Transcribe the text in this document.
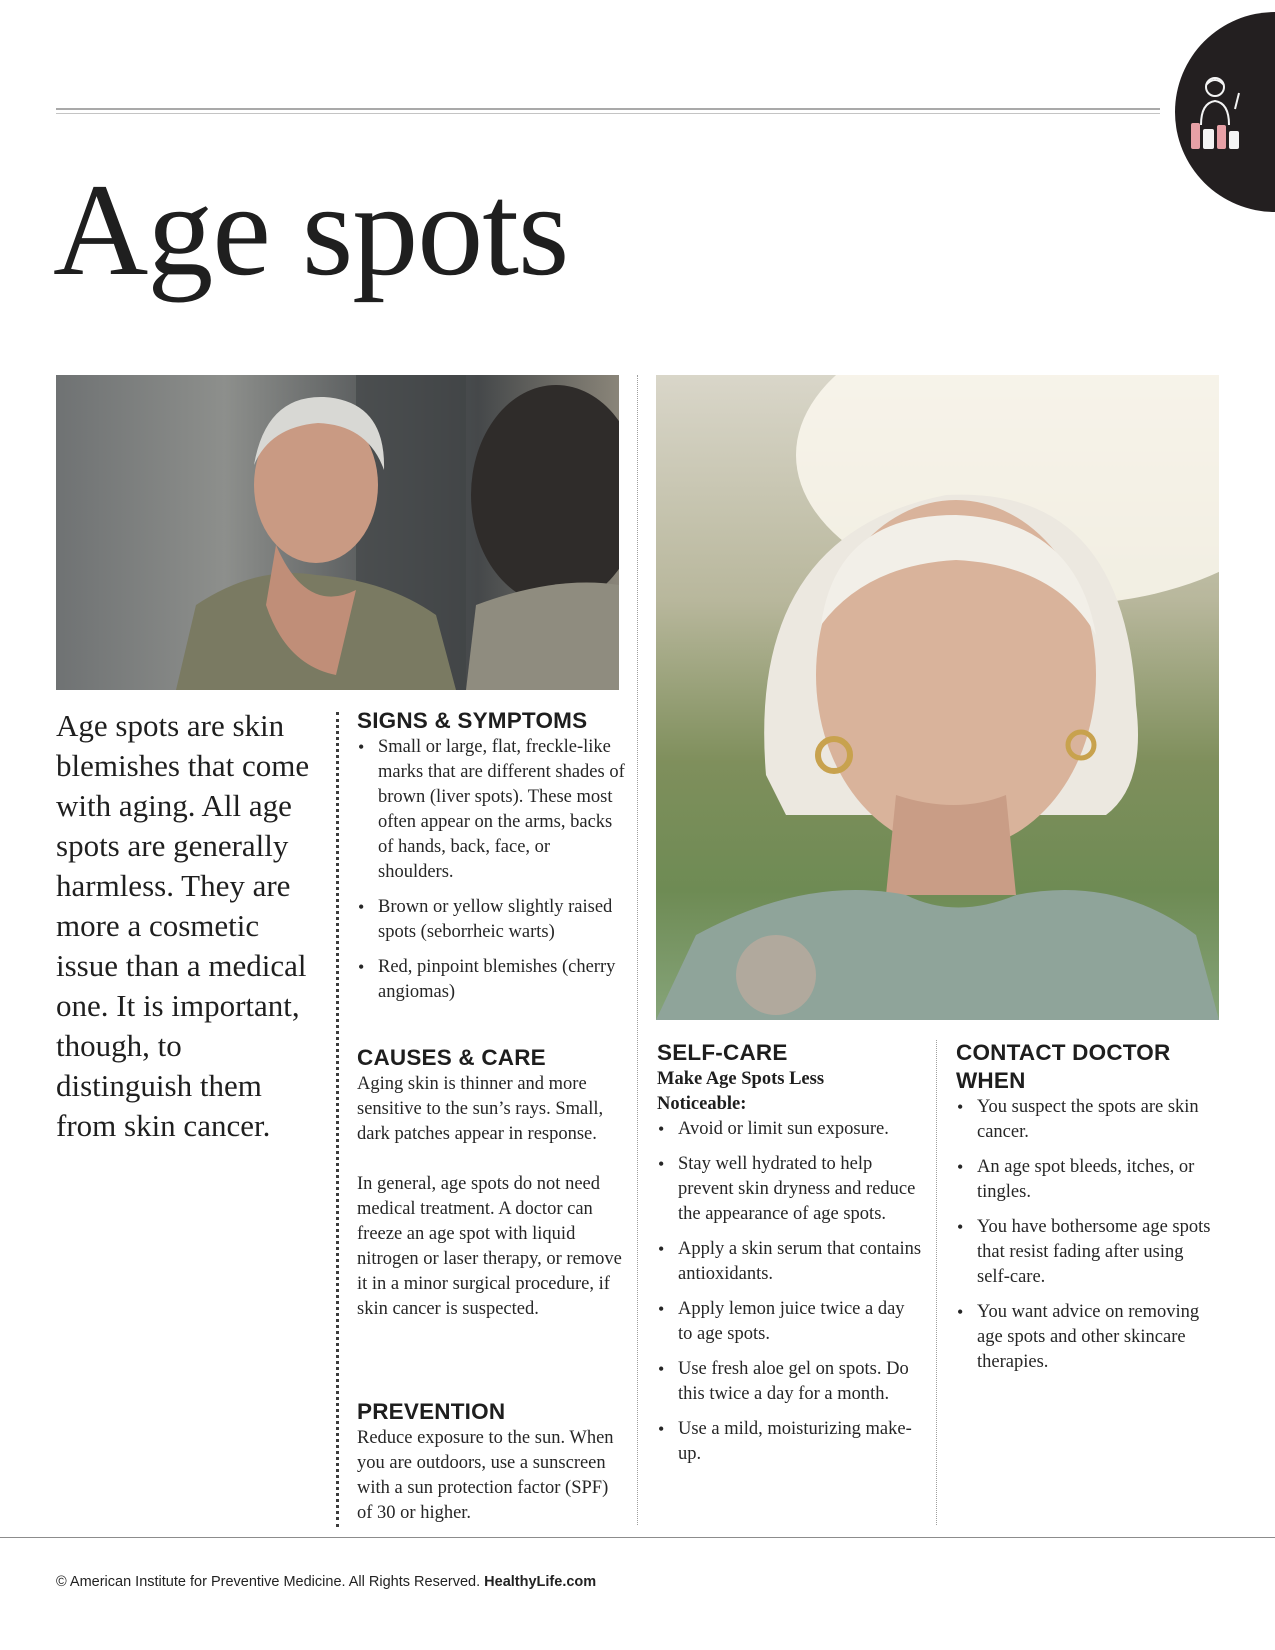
Age spots

Age spots are skin blemishes that come with aging. All age spots are generally harmless. They are more a cosmetic issue than a medical one. It is important, though, to distinguish them from skin cancer.

SIGNS & SYMPTOMS
• Small or large, flat, freckle-like marks that are different shades of brown (liver spots). These most often appear on the arms, backs of hands, back, face, or shoulders.
• Brown or yellow slightly raised spots (seborrheic warts)
• Red, pinpoint blemishes (cherry angiomas)
CAUSES & CARE

Aging skin is thinner and more sensitive to the sun’s rays. Small, dark patches appear in response.

In general, age spots do not need medical treatment. A doctor can freeze an age spot with liquid nitrogen or laser therapy, or remove it in a minor surgical procedure, if skin cancer is suspected.

PREVENTION

Reduce exposure to the sun. When you are outdoors, use a sunscreen with a sun protection factor (SPF) of 30 or higher.

SELF-CARE
Make Age Spots Less Noticeable:
• Avoid or limit sun exposure.
• Stay well hydrated to help prevent skin dryness and reduce the appearance of age spots.
• Apply a skin serum that contains antioxidants.
• Apply lemon juice twice a day to age spots.
• Use fresh aloe gel on spots. Do this twice a day for a month.
• Use a mild, moisturizing make-up.
CONTACT DOCTOR WHEN
• You suspect the spots are skin cancer.
• An age spot bleeds, itches, or tingles.
• You have bothersome age spots that resist fading after using self-care.
• You want advice on removing age spots and other skincare therapies.

© American Institute for Preventive Medicine. All Rights Reserved. HealthyLife.com
